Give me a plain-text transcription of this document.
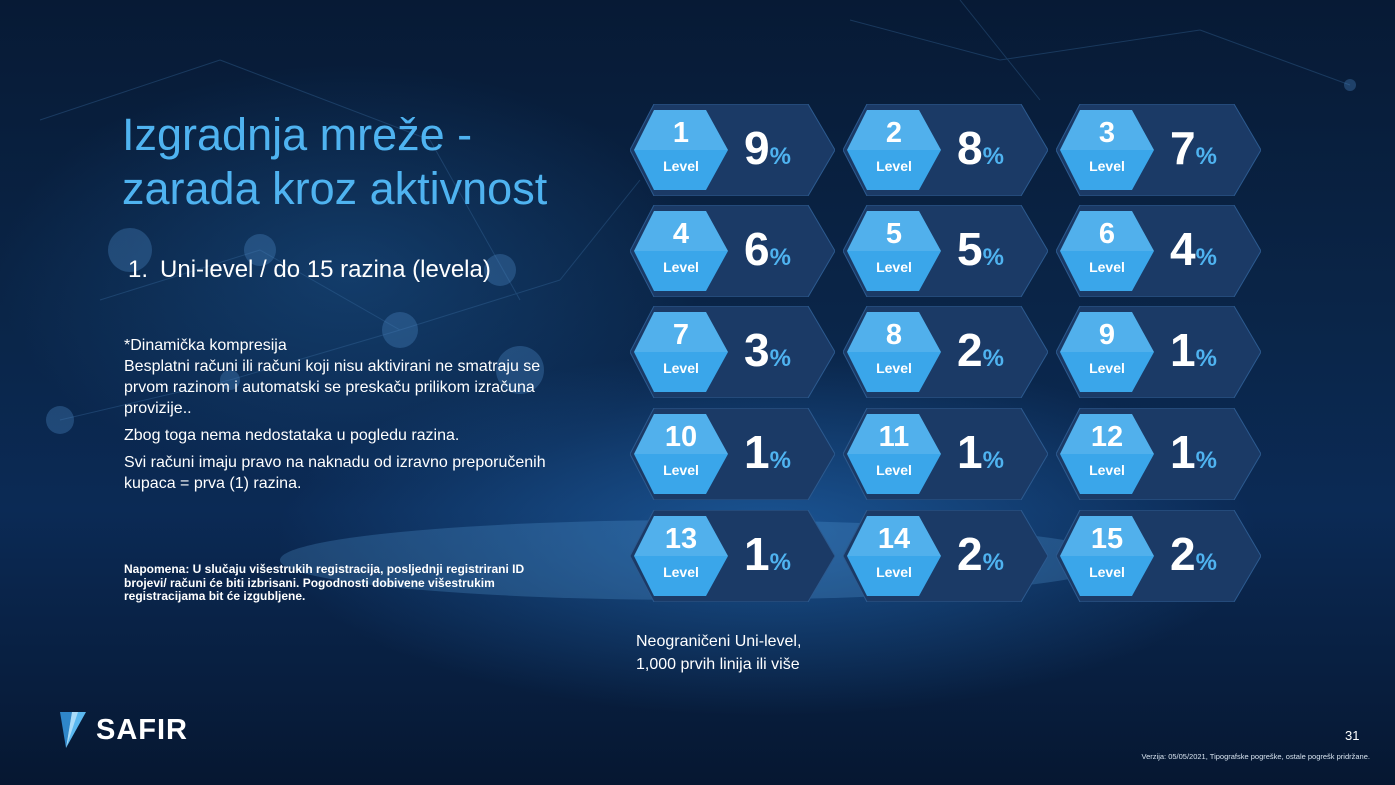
Izgradnja mreže -
zarada kroz aktivnost
1. Uni-level / do 15 razina (levela)

*Dinamička kompresija

Besplatni računi ili računi koji nisu aktivirani ne smatraju se prvom razinom i automatski se preskaču prilikom izračuna provizije..

Zbog toga nema nedostataka u pogledu razina.

Svi računi imaju pravo na naknadu od izravno preporučenih kupaca = prva (1) razina.

Napomena: U slučaju višestrukih registracija, posljednji registrirani ID brojevi/ računi će biti izbrisani. Pogodnosti dobivene višestrukim registracijama bit će izgubljene.
1
Level 9%
2
Level 8%
3
Level 7%
4
Level 6%
5
Level 5%
6
Level 4%
7
Level 3%
8
Level 2%
9
Level 1%
10
Level 1%
11
Level 1%
12
Level 1%
13
Level 1%
14
Level 2%
15
Level 2%
Neograničeni Uni-level,
1,000 prvih linija ili više
SAFIR	31
Verzija: 05/05/2021, Tipografske pogreške, ostale pogrešk pridržane.
